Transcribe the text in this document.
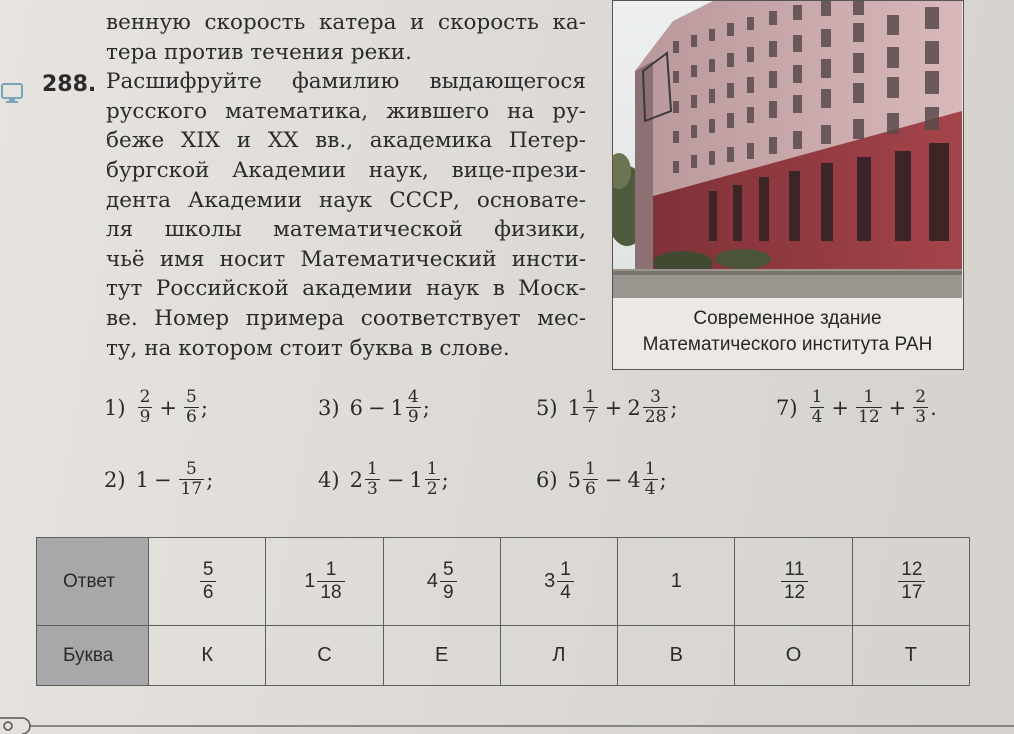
венную скорость катера и скорость ка-
тера против течения реки.
Расшифруйте фамилию выдающегося
русского математика, жившего на ру-
беже XIX и XX вв., академика Петер-
бургской Академии наук, вице-прези-
дента Академии наук СССР, основате-
ля школы математической физики,
чьё имя носит Математический инсти-
тут Российской академии наук в Моск-
ве. Номер примера соответствует мес-
ту, на котором стоит буква в слове.
288.
Современное здание
Математического института РАН
$1) \frac{2}{9} + \frac{5}{6}$ ;	3) $6 - 1 \frac{4}{9}$ ;	5) $1 \frac{1}{7} + 2 \frac{3}{28}$ ;	$7) \frac{1}{4} + \frac{1}{12} + \frac{2}{3}$ .
2) $1 - \frac{5}{17}$ ;	4) $2 \frac{1}{3} - 1 \frac{1}{2}$ ;	6) $5 \frac{1}{6} - 4 \frac{1}{4}$ ;
Ответ	$\frac{5}{6}$	$1 \frac{1}{18}$	$4 \frac{5}{9}$	$3 \frac{1}{4}$	1	$\frac{11}{12}$	$\frac{12}{17}$

Буква	К	С	Е	Л	В	О	Т
